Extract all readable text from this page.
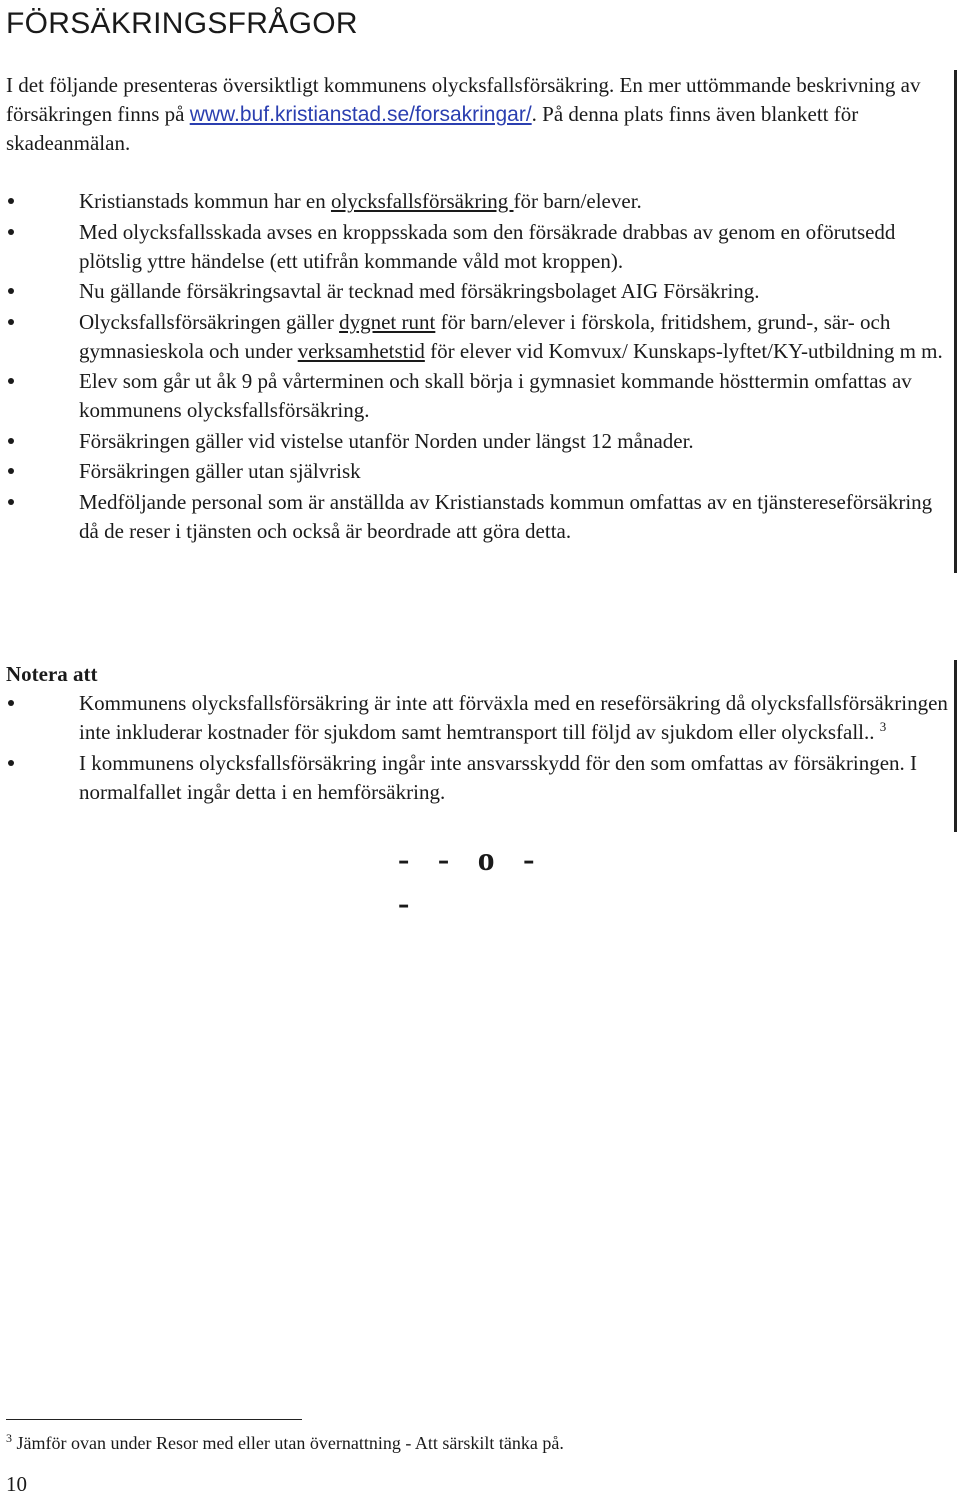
FÖRSÄKRINGSFRÅGOR

I det följande presenteras översiktligt kommunens olycksfallsförsäkring. En mer uttömmande beskrivning av försäkringen finns på www.buf.kristianstad.se/forsakringar/. På denna plats finns även blankett för skadeanmälan.

Kristianstads kommun har en olycksfallsförsäkring för barn/elever.
Med olycksfallsskada avses en kroppsskada som den försäkrade drabbas av genom en oförutsedd plötslig yttre händelse (ett utifrån kommande våld mot kroppen).
Nu gällande försäkringsavtal är tecknad med försäkringsbolaget AIG Försäkring.
Olycksfallsförsäkringen gäller dygnet runt för barn/elever i förskola, fritidshem, grund-, sär- och gymnasieskola och under verksamhetstid för elever vid Komvux/ Kunskaps-lyftet/KY-utbildning m m.
Elev som går ut åk 9 på vårterminen och skall börja i gymnasiet kommande hösttermin omfattas av kommunens olycksfallsförsäkring.
Försäkringen gäller vid vistelse utanför Norden under längst 12 månader.
Försäkringen gäller utan självrisk
Medföljande personal som är anställda av Kristianstads kommun omfattas av en tjänstereseförsäkring då de reser i tjänsten och också är beordrade att göra detta.
Notera att
Kommunens olycksfallsförsäkring är inte att förväxla med en reseförsäkring då olycksfallsförsäkringen inte inkluderar kostnader för sjukdom samt hemtransport till följd av sjukdom eller olycksfall.. $^3$
I kommunens olycksfallsförsäkring ingår inte ansvarsskydd för den som omfattas av försäkringen. I normalfallet ingår detta i en hemförsäkring.

- - o - -

$^3$ Jämför ovan under Resor med eller utan övernattning - Att särskilt tänka på.

10
